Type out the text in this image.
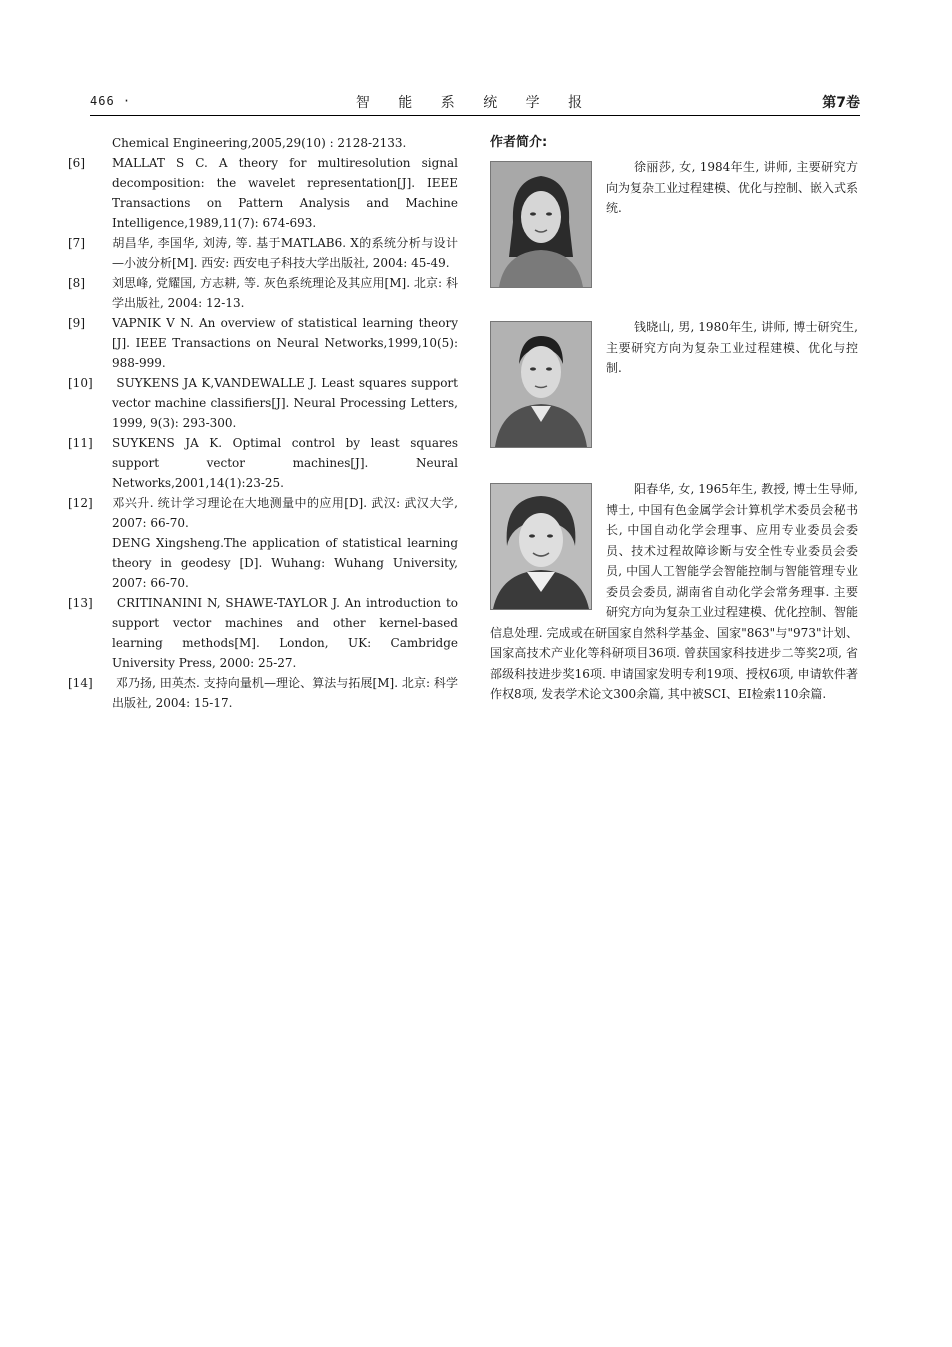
466 ·	智 能 系 统 学 报	第7卷

Chemical Engineering,2005,29(10) : 2128-2133.

[6] MALLAT S C. A theory for multiresolution signal decomposition: the wavelet representation[J]. IEEE Transactions on Pattern Analysis and Machine Intelligence,1989,11(7): 674-693.

[7] 胡昌华, 李国华, 刘涛, 等. 基于MATLAB6. X的系统分析与设计—小波分析[M]. 西安: 西安电子科技大学出版社, 2004: 45-49.

[8] 刘思峰, 党耀国, 方志耕, 等. 灰色系统理论及其应用[M]. 北京: 科学出版社, 2004: 12-13.

[9] VAPNIK V N. An overview of statistical learning theory [J]. IEEE Transactions on Neural Networks,1999,10(5): 988-999.

[10] SUYKENS JA K,VANDEWALLE J. Least squares support vector machine classifiers[J]. Neural Processing Letters, 1999, 9(3): 293-300.

[11] SUYKENS JA K. Optimal control by least squares support vector machines[J]. Neural Networks,2001,14(1):23-25.

[12] 邓兴升. 统计学习理论在大地测量中的应用[D]. 武汉: 武汉大学, 2007: 66-70.

DENG Xingsheng.The application of statistical learning theory in geodesy [D]. Wuhang: Wuhang University, 2007: 66-70.

[13] CRITINANINI N, SHAWE-TAYLOR J. An introduction to support vector machines and other kernel-based learning methods[M]. London, UK: Cambridge University Press, 2000: 25-27.

[14] 邓乃扬, 田英杰. 支持向量机—理论、算法与拓展[M]. 北京: 科学出版社, 2004: 15-17.

作者简介:

徐丽莎, 女, 1984年生, 讲师, 主要研究方向为复杂工业过程建模、优化与控制、嵌入式系统.

钱晓山, 男, 1980年生, 讲师, 博士研究生, 主要研究方向为复杂工业过程建模、优化与控制.

阳春华, 女, 1965年生, 教授, 博士生导师, 博士, 中国有色金属学会计算机学术委员会秘书长, 中国自动化学会理事、应用专业委员会委员、技术过程故障诊断与安全性专业委员会委员, 中国人工智能学会智能控制与智能管理专业委员会委员, 湖南省自动化学会常务理事. 主要研究方向为复杂工业过程建模、优化控制、智能信息处理. 完成或在研国家自然科学基金、国家"863"与"973"计划、国家高技术产业化等科研项目36项. 曾获国家科技进步二等奖2项, 省部级科技进步奖16项. 申请国家发明专利19项、授权6项, 申请软件著作权8项, 发表学术论文300余篇, 其中被SCI、EI检索110余篇.
